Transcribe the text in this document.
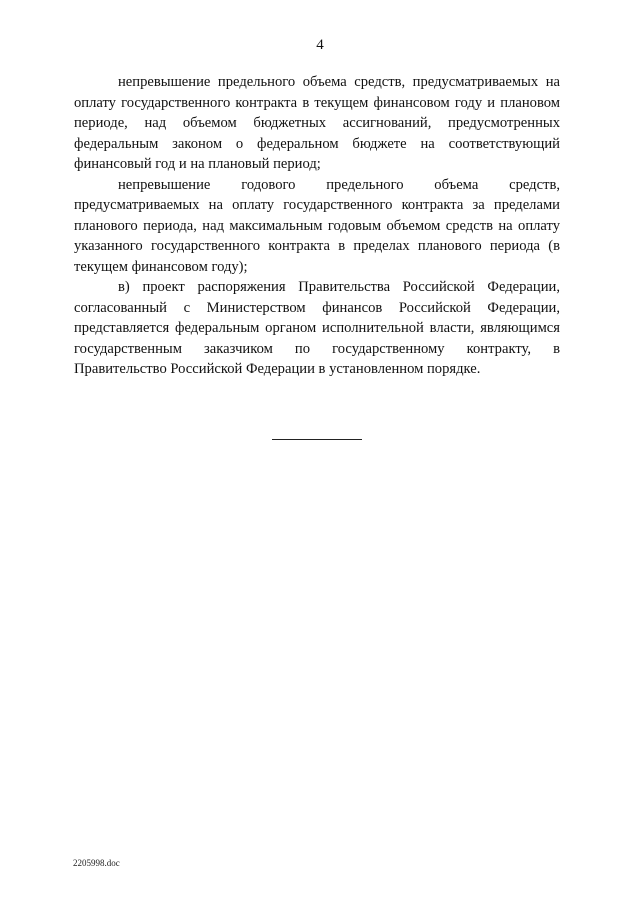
4

непревышение предельного объема средств, предусматриваемых на оплату государственного контракта в текущем финансовом году и плановом периоде, над объемом бюджетных ассигнований, предусмотренных федеральным законом о федеральном бюджете на соответствующий финансовый год и на плановый период;

непревышение годового предельного объема средств, предусматриваемых на оплату государственного контракта за пределами планового периода, над максимальным годовым объемом средств на оплату указанного государственного контракта в пределах планового периода (в текущем финансовом году);

в) проект распоряжения Правительства Российской Федерации, согласованный с Министерством финансов Российской Федерации, представляется федеральным органом исполнительной власти, являющимся государственным заказчиком по государственному контракту, в Правительство Российской Федерации в установленном порядке.

2205998.doc
